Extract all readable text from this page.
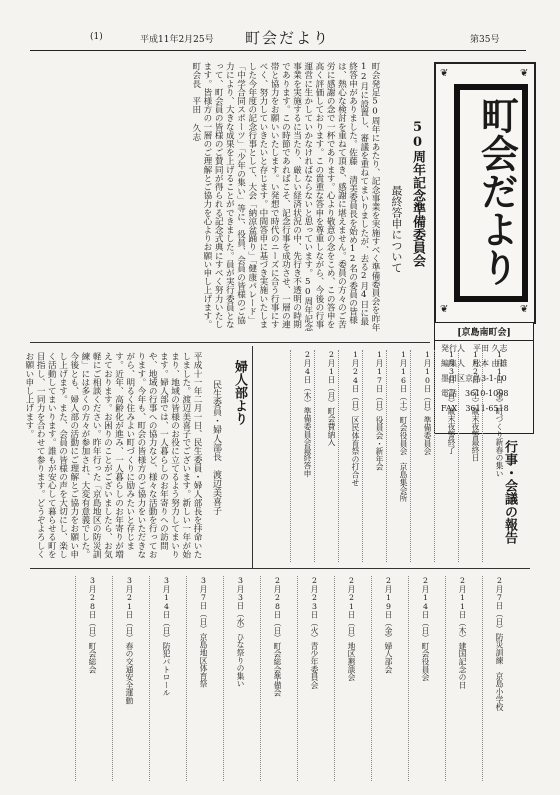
(1)	平成11年2月25号 町会だより	第35号
❦	❦
❦	❦
町会だより
[京島南町会]
発行人　平田 久志
編集人　松本 由雄
墨田区京島3-1-10
電話　3610-1098
FAX　3611-6518
50周年記念準備委員会
最終答申について
町会発足50周年にあたり、記念事業を実施すべく準備委員会を昨年12月に設置し、審議を重ねてまいりましたが、去る2月4日に最終答申がありました。佐藤 清美委員長を始め12名の委員の皆様は、熱心な検討を重ねて頂き、感謝に堪えません。委員の方々のご苦労に感謝の念で一杯であります。心より敬意の念をこめ、この答申を高く評価しております。この貴重な答申を尊重しながら、今後の行事運営に生かしていかなければならないと思っています。50周年記念事業を実施するに当たり、厳しい経済状況の中、先行き不透明の時期であります。この時節であればこそ、記念行事を成功させ、一層の連帯と協力をお願いいたします。い発想で時代のニーズに合う行事にすべく、努力していきたいと存じます。中間答申に基づき実施いたしました今年度の記念行事として、大会「納涼盆踊り」「健康パレード」「中学合同スポーツ」「少年の集い」等に、役員、会員の皆様のご協力により、大きな成果を上げることができました。員が実行委員となって、町会員の皆様のご賛同が得られる記念式典にすべく努力いたします。皆様方の一層のご理解とご協力を心よりお願い申し上げます。町会長　平田 久志
婦人部より
民生委員・婦人部長　渡辺美喜子
平成十一年二月一日、民生委員・婦人部長を拝命いたしました。渡辺美喜子でございます。新しい一年が始まり、地域の皆様のお役に立てるよう努力してまいります。婦人部では、一人暮らしのお年寄りへの訪問や、地域の行事への協力など、様々な活動を行っております。今年も、町会の皆様方のご協力をいただきながら、明るく住みよい町づくりに励みたいと存じます。近年、高齢化が進み、一人暮らしのお年寄りが増えております。お困りのことがございましたら、お気軽にご相談ください。昨年行った「京島地区の防災訓練」には多くの方々が参加され、大変有意義でした。今後とも、婦人部の活動にご理解とご協力をお願い申し上げます。また、会員の皆様の声を大切にし、楽しく活動してまいります。誰もが安心して暮らせる町を目指し、一同力を合わせて参ります。どうぞよろしくお願い申し上げます。
行事・会議の報告
1月1日（金）町づくり新春の集い
1月2日（土）歳末夜警最終日
1月3日（日）歳末夜警終了
1月10日（日）準備委員会
1月16日（土）町会役員会　京島集会所
1月17日（日）役員会・新年会
1月24日（日）区民体育祭の打合せ
2月1日（月）町会費納入
2月4日（木）準備委員会最終答申
2月7日（日）防災訓練　京島小学校
2月11日（木）建国記念の日
2月14日（日）町会役員会
2月19日（金）婦人部会
2月21日（日）地区懇談会
2月23日（火）青少年委員会
2月28日（日）町会総会準備会
3月3日（水）ひな祭りの集い
3月7日（日）京島地区体育祭
3月14日（日）防犯パトロール
3月21日（日）春の交通安全運動
3月28日（日）町会総会
